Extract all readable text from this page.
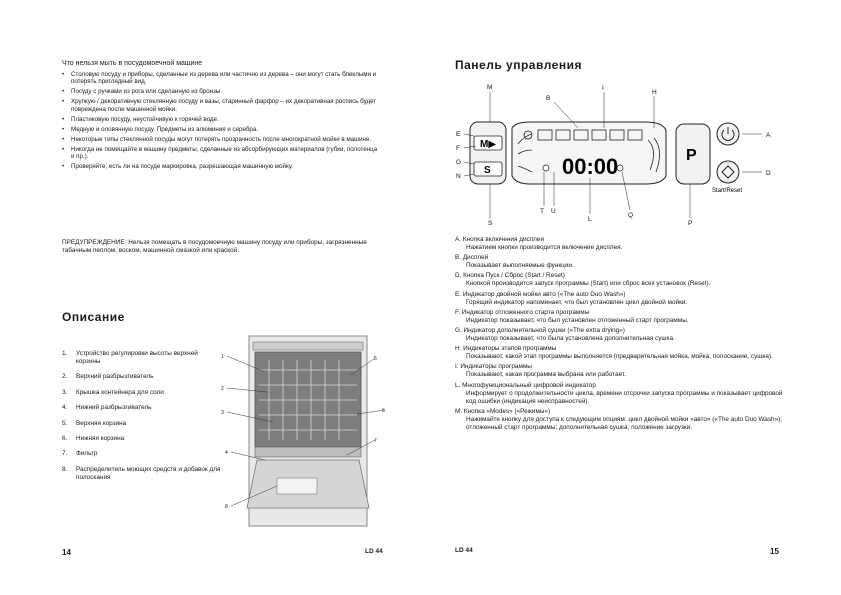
Что нельзя мыть в посудомоечной машине
• Столовую посуду и приборы, сделанные из дерева или частично из дерева – они могут стать блеклыми и потерять приглядный вид.
• Посуду с ручками из рога или сделанную из бронзы.
• Хрупкую / декоративную стеклянную посуду и вазы, старинный фарфор – их декоративная роспись будет повреждена после машинной мойки.
• Пластиковую посуду, неустойчивую к горячей воде.
• Медную и оловянную посуду. Предметы из алюминия и серебра.
• Некоторые типы стеклянной посуды могут потерять прозрачность после многократной мойки в машине.
• Никогда не помещайте в машину предметы, сделанные из абсорбирующих материалов (губки, полотенца и пр.).
• Проверяйте, есть ли на посуде маркировка, разрешающая машинную мойку.
ПРЕДУПРЕЖДЕНИЕ: Нельзя помещать в посудомоечную машину посуду или приборы, загрязненные табачным пеплом, воском, машинной смазкой или краской.
Описание
1.	Устройство регулировки высоты верхней корзины
2.	Верхний разбрызгиватель
3.	Крышка контейнера для соли
4.	Нижний разбрызгиватель
5.	Верхняя корзина
6.	Нижняя корзина
7.	Фильтр
8.	Распределитель моющих средств и добавок для полоскания
1
2
3
4
5
6
7
8
14	LD 44
Панель управления
M▶
S	00:00	P
Start/Reset
M
B
I
H
E
F
G
N
A
D
T U
L
Q
P
S
A. Кнопка включения дисплея
Нажатием кнопки производится включение дисплея.
B. Дисплей
Показывает выполняемые функции.
D. Кнопка Пуск / Сброс (Start / Reset)
Кнопкой производится запуск программы (Start) или сброс всех установок (Reset).
E. Индикатор двойной мойки авто («The auto Duo Wash»)
Горящий индикатор напоминает, что был установлен цикл двойной мойки.
F. Индикатор отложенного старта программы
Индикатор показывает, что был установлен отложенный старт программы.
G. Индикатор дополнительной сушки («The extra drying»)
Индикатор показывает, что была установлена дополнительная сушка.
H. Индикаторы этапов программы
Показывают, какой этап программы выполняется (предварительная мойка, мойка, полоскание, сушка).
I. Индикаторы программы
Показывают, какая программа выбрана или работает.
L. Многофункциональный цифровой индикатор
Информирует о продолжительности цикла, времени отсрочки запуска программы и показывает цифровой код ошибки (индикация неисправностей).
M. Кнопка «Modes» («Режимы»)
Нажимайте кнопку для доступа к следующим опциям: цикл двойной мойки «авто» («The auto Duo Wash»); отложенный старт программы; дополнительная сушка; положение загрузки.
LD 44	15
